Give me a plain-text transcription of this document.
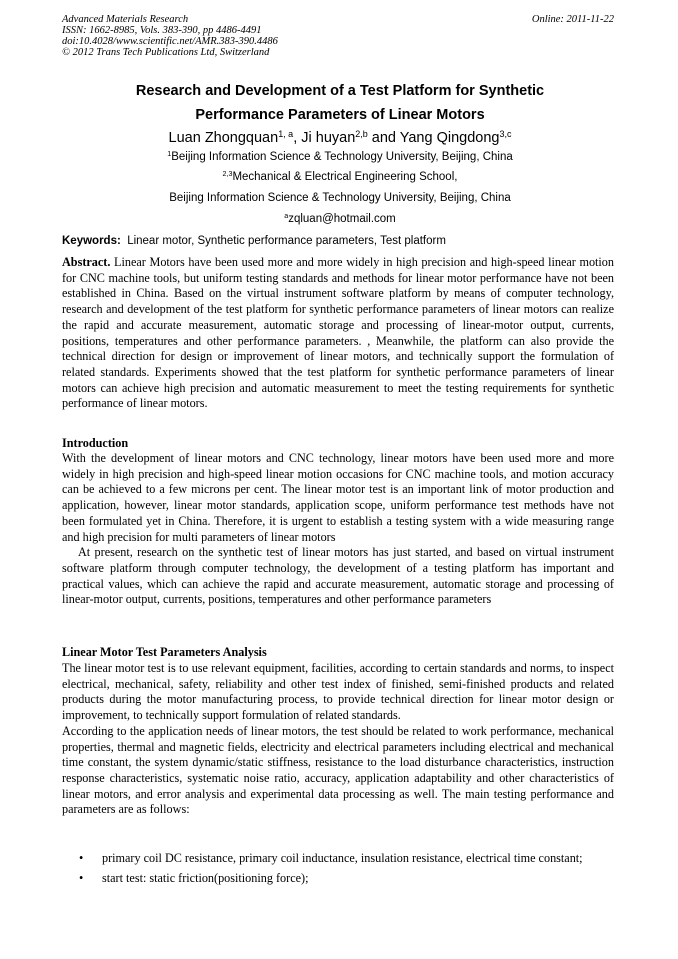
Advanced Materials Research	Online: 2011-11-22
ISSN: 1662-8985, Vols. 383-390, pp 4486-4491
doi:10.4028/www.scientific.net/AMR.383-390.4486
© 2012 Trans Tech Publications Ltd, Switzerland
Research and Development of a Test Platform for Synthetic
Performance Parameters of Linear Motors
Luan Zhongquan$^{1, a}$, Ji huyan$^{2,b}$ and Yang Qingdong$^{3,c}$
$^1$Beijing Information Science & Technology University, Beijing, China
$^{2,3}$Mechanical & Electrical Engineering School,
Beijing Information Science & Technology University, Beijing, China
$^a$zqluan@hotmail.com
Keywords: Linear motor, Synthetic performance parameters, Test platform

Abstract. Linear Motors have been used more and more widely in high precision and high-speed linear motion for CNC machine tools, but uniform testing standards and methods for linear motor performance have not been established in China. Based on the virtual instrument software platform by means of computer technology, research and development of the test platform for synthetic performance parameters of linear motors can realize the rapid and accurate measurement, automatic storage and processing of linear-motor output, currents, positions, temperatures and other performance parameters. , Meanwhile, the platform can also provide the technical direction for design or improvement of linear motors, and technically support the formulation of related standards. Experiments showed that the test platform for synthetic performance parameters of linear motors can achieve high precision and automatic measurement to meet the testing requirements for synthetic performance of linear motors.

Introduction

With the development of linear motors and CNC technology, linear motors have been used more and more widely in high precision and high-speed linear motion occasions for CNC machine tools, and motion accuracy can be achieved to a few microns per cent. The linear motor test is an important link of motor production and application, however, linear motor standards, application scope, uniform performance test methods have not been formulated yet in China. Therefore, it is urgent to establish a testing system with a wide measuring range and high precision for multi parameters of linear motors

At present, research on the synthetic test of linear motors has just started, and based on virtual instrument software platform through computer technology, the development of a testing platform has important and practical values, which can achieve the rapid and accurate measurement, automatic storage and processing of linear-motor output, currents, positions, temperatures and other performance parameters

Linear Motor Test Parameters Analysis

The linear motor test is to use relevant equipment, facilities, according to certain standards and norms, to inspect electrical, mechanical, safety, reliability and other test index of finished, semi-finished products and related products during the motor manufacturing process, to provide technical direction for linear motor design or improvement, to technically support formulation of related standards.

According to the application needs of linear motors, the test should be related to work performance, mechanical properties, thermal and magnetic fields, electricity and electrical parameters including electrical and mechanical time constant, the system dynamic/static stiffness, resistance to the load disturbance characteristics, instruction response characteristics, systematic noise ratio, accuracy, application adaptability and other characteristics of linear motors, and error analysis and experimental data processing as well. The main testing performance and parameters are as follows:

• primary coil DC resistance, primary coil inductance, insulation resistance, electrical time constant;
• start test: static friction(positioning force);
